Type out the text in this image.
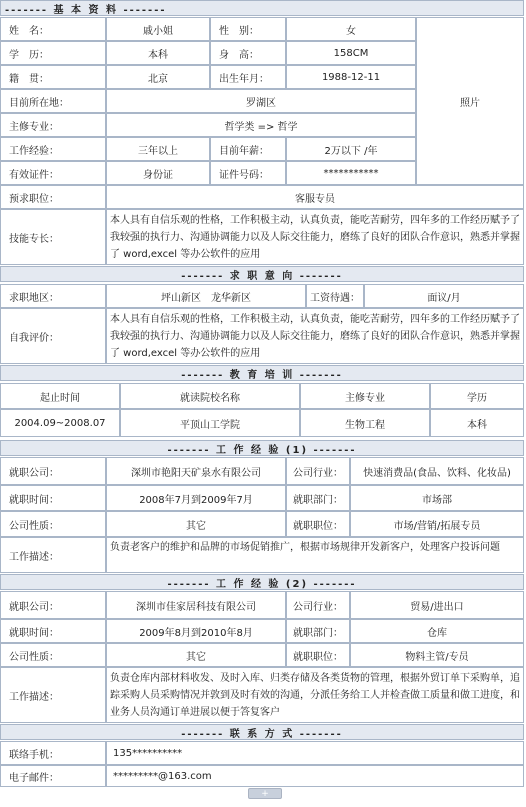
------- 基 本 资 料 -------
姓　名：	戚小姐	性　别：	女
学　历：	本科	身　高：	158CM
籍　贯：	北京	出生年月：	1988-12-11
目前所在地：	罗湖区
主修专业：	哲学类 => 哲学
工作经验：	三年以上	目前年薪：	2万以下 /年
有效证件：	身份证	证件号码：	***********
照片
预求职位：	客服专员
技能专长：
本人具有自信乐观的性格，工作积极主动，认真负责，能吃苦耐劳，四年多的工作经历赋予了我较强的执行力、沟通协调能力以及人际交往能力，磨练了良好的团队合作意识，熟悉并掌握了 word,excel 等办公软件的应用
------- 求 职 意 向 -------
求职地区：	坪山新区　龙华新区	工资待遇：	面议/月
自我评价：
本人具有自信乐观的性格，工作积极主动，认真负责，能吃苦耐劳，四年多的工作经历赋予了我较强的执行力、沟通协调能力以及人际交往能力，磨练了良好的团队合作意识，熟悉并掌握了 word,excel 等办公软件的应用
------- 教 育 培 训 -------
起止时间	就读院校名称	主修专业	学历
2004.09~2008.07	平顶山工学院	生物工程	本科
------- 工 作 经 验 (1) -------
就职公司：	深圳市艳阳天矿泉水有限公司	公司行业：	快速消费品(食品、饮料、化妆品)
就职时间：	2008年7月到2009年7月	就职部门：	市场部
公司性质：	其它	就职职位：	市场/营销/拓展专员
工作描述：
负责老客户的维护和品牌的市场促销推广，根据市场规律开发新客户，处理客户投诉问题
------- 工 作 经 验 (2) -------
就职公司：	深圳市佳家居科技有限公司	公司行业：	贸易/进出口
就职时间：	2009年8月到2010年8月	就职部门：	仓库
公司性质：	其它	就职职位：	物料主管/专员
工作描述：
负责仓库内部材料收发、及时入库、归类存储及各类货物的管理，根据外贸订单下采购单，追踪采购人员采购情况并敦到及时有效的沟通，分派任务给工人并检查做工质量和做工进度，和业务人员沟通订单进展以便于答复客户
------- 联 系 方 式 -------
联络手机：	135**********
电子邮件：	*********@163.com
+
